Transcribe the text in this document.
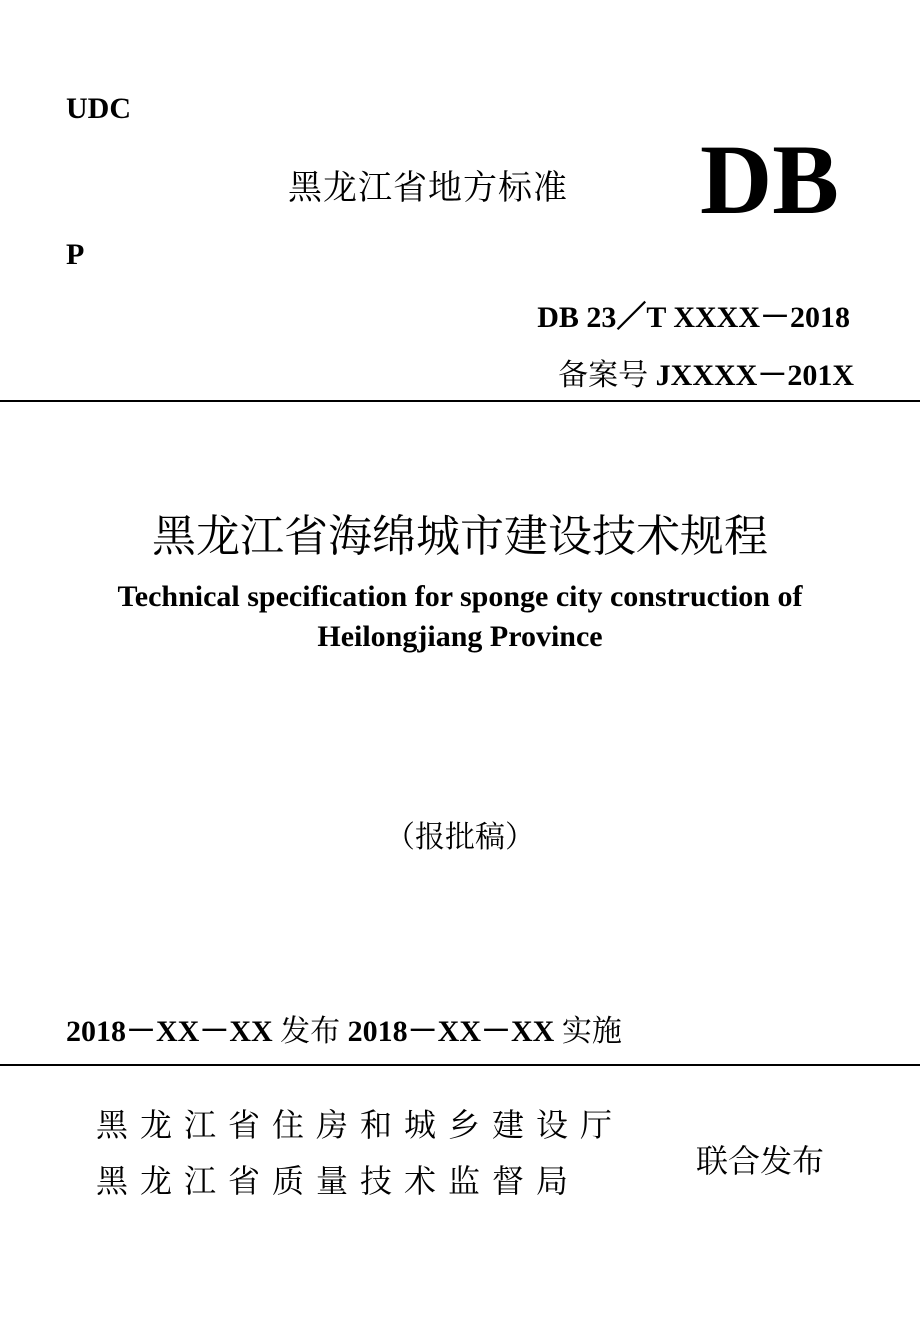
UDC
黑龙江省地方标准 DB
P
DB 23／T XXXX－2018
备案号 JXXXX－201X
黑龙江省海绵城市建设技术规程
Technical specification for sponge city construction of
Heilongjiang Province
（报批稿）
2018－XX－XX 发布 2018－XX－XX 实施
黑龙江省住房和城乡建设厅
黑龙江省质量技术监督局
联合发布
